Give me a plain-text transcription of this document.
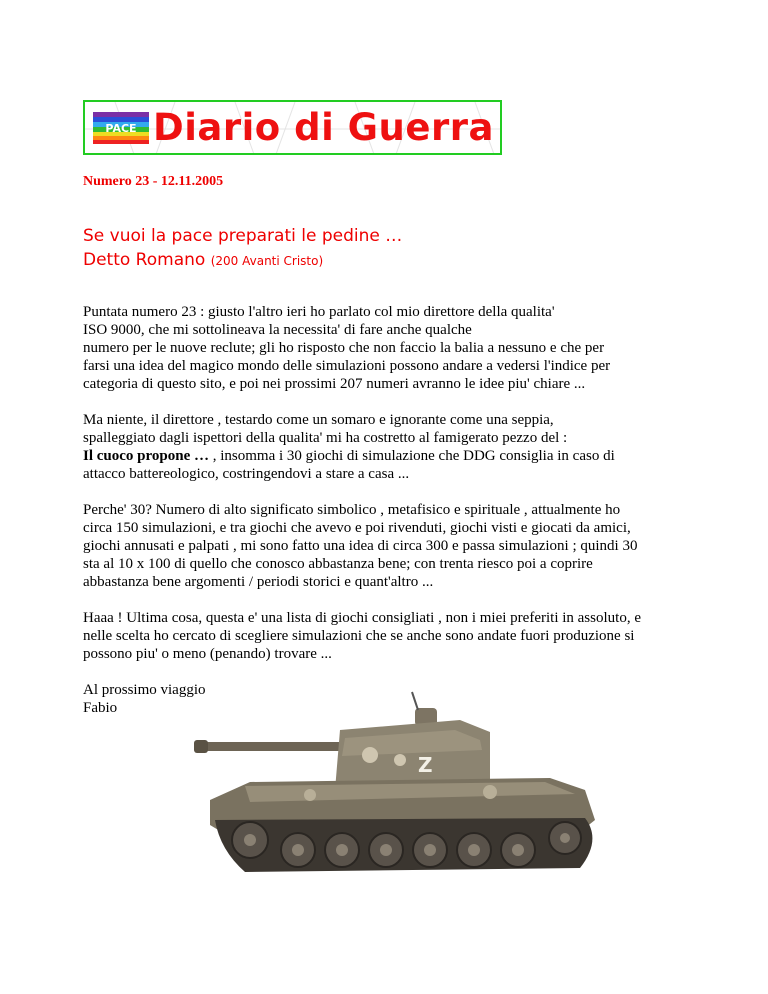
PACE Diario di Guerra
Numero 23 - 12.11.2005
Se vuoi la pace preparati le pedine …
Detto Romano (200 Avanti Cristo)

Puntata numero 23 : giusto l'altro ieri ho parlato col mio direttore della qualita'
ISO 9000, che mi sottolineava la necessita' di fare anche qualche
numero per le nuove reclute; gli ho risposto che non faccio la balia a nessuno e che per
farsi una idea del magico mondo delle simulazioni possono andare a vedersi l'indice per
categoria di questo sito, e poi nei prossimi 207 numeri avranno le idee piu' chiare ...

Ma niente, il direttore , testardo come un somaro e ignorante come una seppia,
spalleggiato dagli ispettori della qualita' mi ha costretto al famigerato pezzo del :
Il cuoco propone … , insomma i 30 giochi di simulazione che DDG consiglia in caso di
attacco battereologico, costringendovi a stare a casa ...

Perche' 30? Numero di alto significato simbolico , metafisico e spirituale , attualmente ho
circa 150 simulazioni, e tra giochi che avevo e poi rivenduti, giochi visti e giocati da amici,
giochi annusati e palpati , mi sono fatto una idea di circa 300 e passa simulazioni ; quindi 30
sta al 10 x 100 di quello che conosco abbastanza bene; con trenta riesco poi a coprire
abbastanza bene argomenti / periodi storici e quant'altro ...

Haaa ! Ultima cosa, questa e' una lista di giochi consigliati , non i miei preferiti in assoluto, e
nelle scelta ho cercato di scegliere simulazioni che se anche sono andate fuori produzione si
possono piu' o meno (penando) trovare ...

Al prossimo viaggio
Fabio

Z
